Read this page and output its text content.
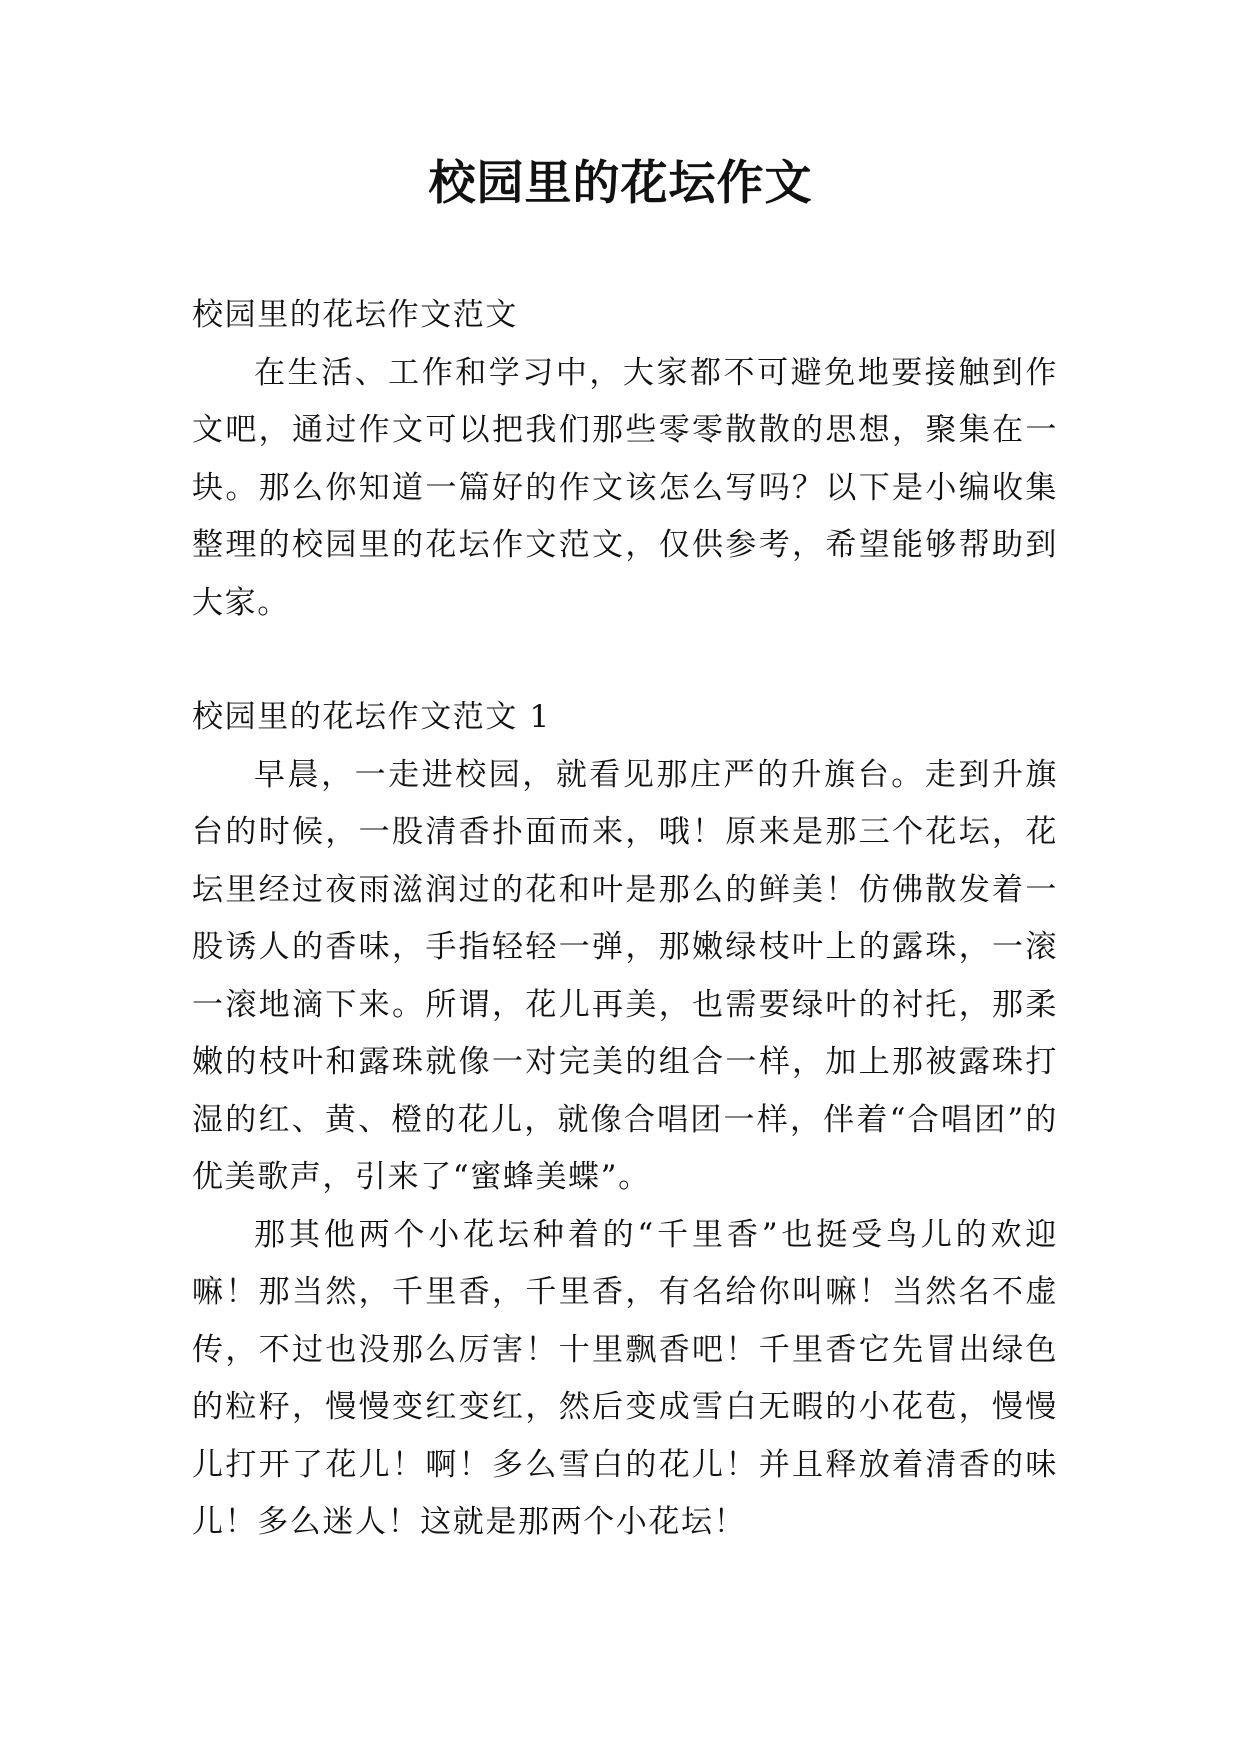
校园里的花坛作文

校园里的花坛作文范文

在生活、工作和学习中，大家都不可避免地要接触到作文吧，通过作文可以把我们那些零零散散的思想，聚集在一块。那么你知道一篇好的作文该怎么写吗？以下是小编收集整理的校园里的花坛作文范文，仅供参考，希望能够帮助到大家。

校园里的花坛作文范文 1

早晨，一走进校园，就看见那庄严的升旗台。走到升旗台的时候，一股清香扑面而来，哦！原来是那三个花坛，花坛里经过夜雨滋润过的花和叶是那么的鲜美！仿佛散发着一股诱人的香味，手指轻轻一弹，那嫩绿枝叶上的露珠，一滚一滚地滴下来。所谓，花儿再美，也需要绿叶的衬托，那柔嫩的枝叶和露珠就像一对完美的组合一样，加上那被露珠打湿的红、黄、橙的花儿，就像合唱团一样，伴着“合唱团”的优美歌声，引来了“蜜蜂美蝶”。

那其他两个小花坛种着的“千里香”也挺受鸟儿的欢迎嘛！那当然，千里香，千里香，有名给你叫嘛！当然名不虚传，不过也没那么厉害！十里飘香吧！千里香它先冒出绿色的粒籽，慢慢变红变红，然后变成雪白无暇的小花苞，慢慢儿打开了花儿！啊！多么雪白的花儿！并且释放着清香的味儿！多么迷人！这就是那两个小花坛！
